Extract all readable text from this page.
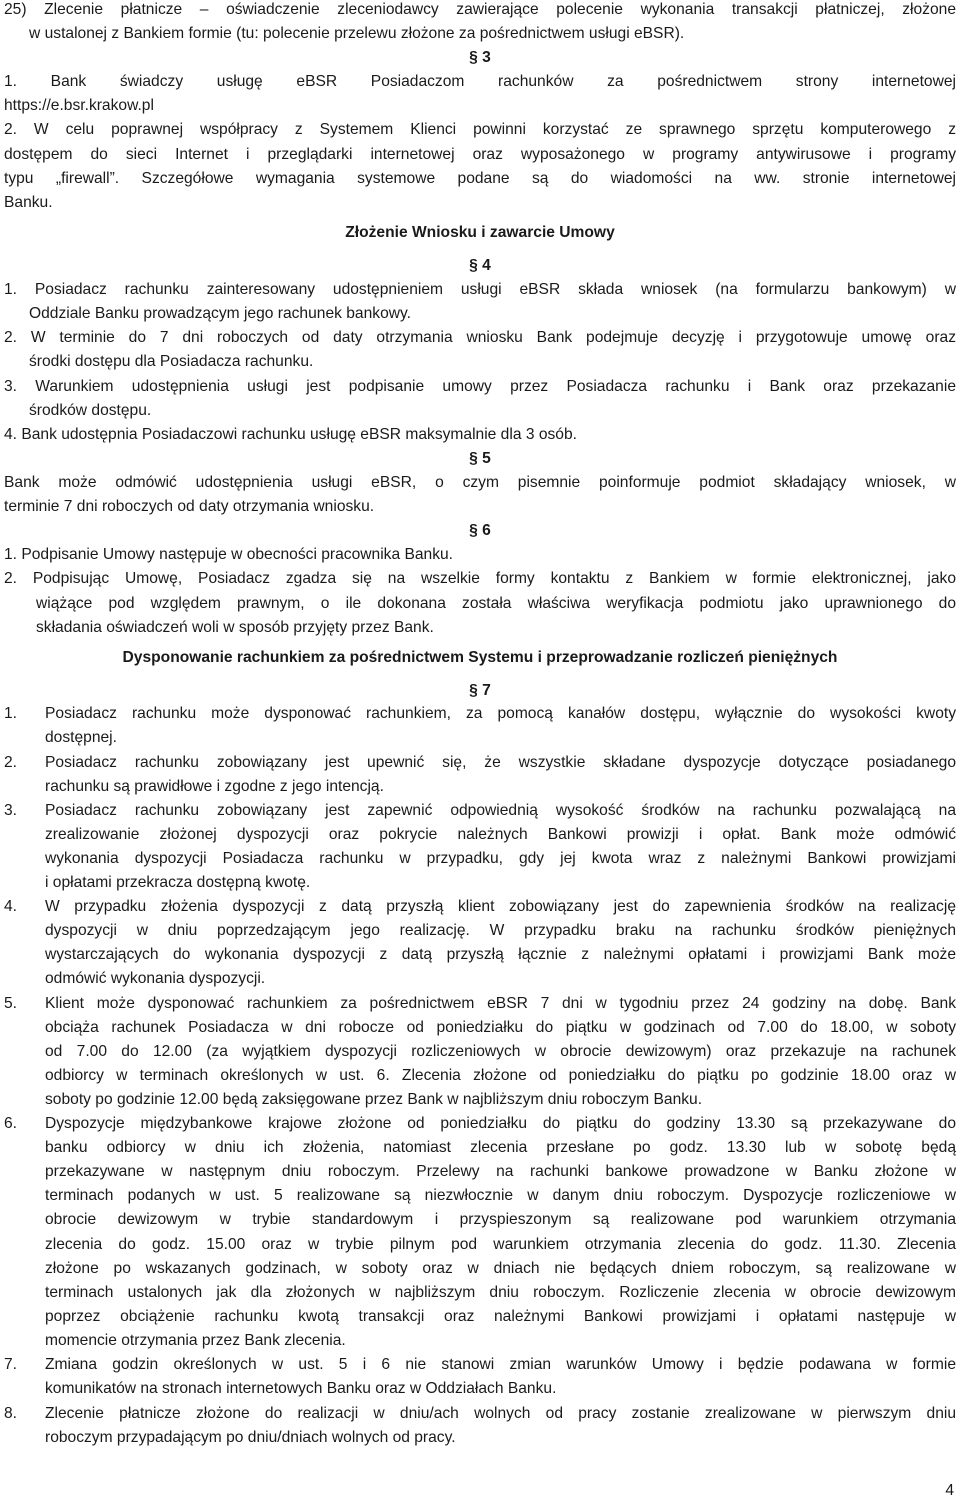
25) Zlecenie płatnicze – oświadczenie zleceniodawcy zawierające polecenie wykonania transakcji płatniczej, złożone
w ustalonej z Bankiem formie (tu: polecenie przelewu złożone za pośrednictwem usługi eBSR).
§ 3
1. Bank świadczy usługę eBSR Posiadaczom rachunków za pośrednictwem strony internetowej
https://e.bsr.krakow.pl
2. W celu poprawnej współpracy z Systemem Klienci powinni korzystać ze sprawnego sprzętu komputerowego z
dostępem do sieci Internet i przeglądarki internetowej oraz wyposażonego w programy antywirusowe i programy
typu „firewall”. Szczegółowe wymagania systemowe podane są do wiadomości na ww. stronie internetowej
Banku.
Złożenie Wniosku i zawarcie Umowy
§ 4
1. Posiadacz rachunku zainteresowany udostępnieniem usługi eBSR składa wniosek (na formularzu bankowym) w
Oddziale Banku prowadzącym jego rachunek bankowy.
2. W terminie do 7 dni roboczych od daty otrzymania wniosku Bank podejmuje decyzję i przygotowuje umowę oraz
środki dostępu dla Posiadacza rachunku.
3. Warunkiem udostępnienia usługi jest podpisanie umowy przez Posiadacza rachunku i Bank oraz przekazanie
środków dostępu.
4. Bank udostępnia Posiadaczowi rachunku usługę eBSR maksymalnie dla 3 osób.
§ 5
Bank może odmówić udostępnienia usługi eBSR, o czym pisemnie poinformuje podmiot składający wniosek, w
terminie 7 dni roboczych od daty otrzymania wniosku.
§ 6
1. Podpisanie Umowy następuje w obecności pracownika Banku.
2. Podpisując Umowę, Posiadacz zgadza się na wszelkie formy kontaktu z Bankiem w formie elektronicznej, jako
wiążące pod względem prawnym, o ile dokonana została właściwa weryfikacja podmiotu jako uprawnionego do
składania oświadczeń woli w sposób przyjęty przez Bank.
Dysponowanie rachunkiem za pośrednictwem Systemu i przeprowadzanie rozliczeń pieniężnych
§ 7
1. Posiadacz rachunku może dysponować rachunkiem, za pomocą kanałów dostępu, wyłącznie do wysokości kwoty
dostępnej.
2. Posiadacz rachunku zobowiązany jest upewnić się, że wszystkie składane dyspozycje dotyczące posiadanego
rachunku są prawidłowe i zgodne z jego intencją.
3. Posiadacz rachunku zobowiązany jest zapewnić odpowiednią wysokość środków na rachunku pozwalającą na
zrealizowanie złożonej dyspozycji oraz pokrycie należnych Bankowi prowizji i opłat. Bank może odmówić
wykonania dyspozycji Posiadacza rachunku w przypadku, gdy jej kwota wraz z należnymi Bankowi prowizjami
i opłatami przekracza dostępną kwotę.
4. W przypadku złożenia dyspozycji z datą przyszłą klient zobowiązany jest do zapewnienia środków na realizację
dyspozycji w dniu poprzedzającym jego realizację. W przypadku braku na rachunku środków pieniężnych
wystarczających do wykonania dyspozycji z datą przyszłą łącznie z należnymi opłatami i prowizjami Bank może
odmówić wykonania dyspozycji.
5. Klient może dysponować rachunkiem za pośrednictwem eBSR 7 dni w tygodniu przez 24 godziny na dobę. Bank
obciąża rachunek Posiadacza w dni robocze od poniedziałku do piątku w godzinach od 7.00 do 18.00, w soboty
od 7.00 do 12.00 (za wyjątkiem dyspozycji rozliczeniowych w obrocie dewizowym) oraz przekazuje na rachunek
odbiorcy w terminach określonych w ust. 6. Zlecenia złożone od poniedziałku do piątku po godzinie 18.00 oraz w
soboty po godzinie 12.00 będą zaksięgowane przez Bank w najbliższym dniu roboczym Banku.
6. Dyspozycje międzybankowe krajowe złożone od poniedziałku do piątku do godziny 13.30 są przekazywane do
banku odbiorcy w dniu ich złożenia, natomiast zlecenia przesłane po godz. 13.30 lub w sobotę będą
przekazywane w następnym dniu roboczym. Przelewy na rachunki bankowe prowadzone w Banku złożone w
terminach podanych w ust. 5 realizowane są niezwłocznie w danym dniu roboczym. Dyspozycje rozliczeniowe w
obrocie dewizowym w trybie standardowym i przyspieszonym są realizowane pod warunkiem otrzymania
zlecenia do godz. 15.00 oraz w trybie pilnym pod warunkiem otrzymania zlecenia do godz. 11.30. Zlecenia
złożone po wskazanych godzinach, w soboty oraz w dniach nie będących dniem roboczym, są realizowane w
terminach ustalonych jak dla złożonych w najbliższym dniu roboczym. Rozliczenie zlecenia w obrocie dewizowym
poprzez obciążenie rachunku kwotą transakcji oraz należnymi Bankowi prowizjami i opłatami następuje w
momencie otrzymania przez Bank zlecenia.
7. Zmiana godzin określonych w ust. 5 i 6 nie stanowi zmian warunków Umowy i będzie podawana w formie
komunikatów na stronach internetowych Banku oraz w Oddziałach Banku.
8. Zlecenie płatnicze złożone do realizacji w dniu/ach wolnych od pracy zostanie zrealizowane w pierwszym dniu
roboczym przypadającym po dniu/dniach wolnych od pracy.
4
